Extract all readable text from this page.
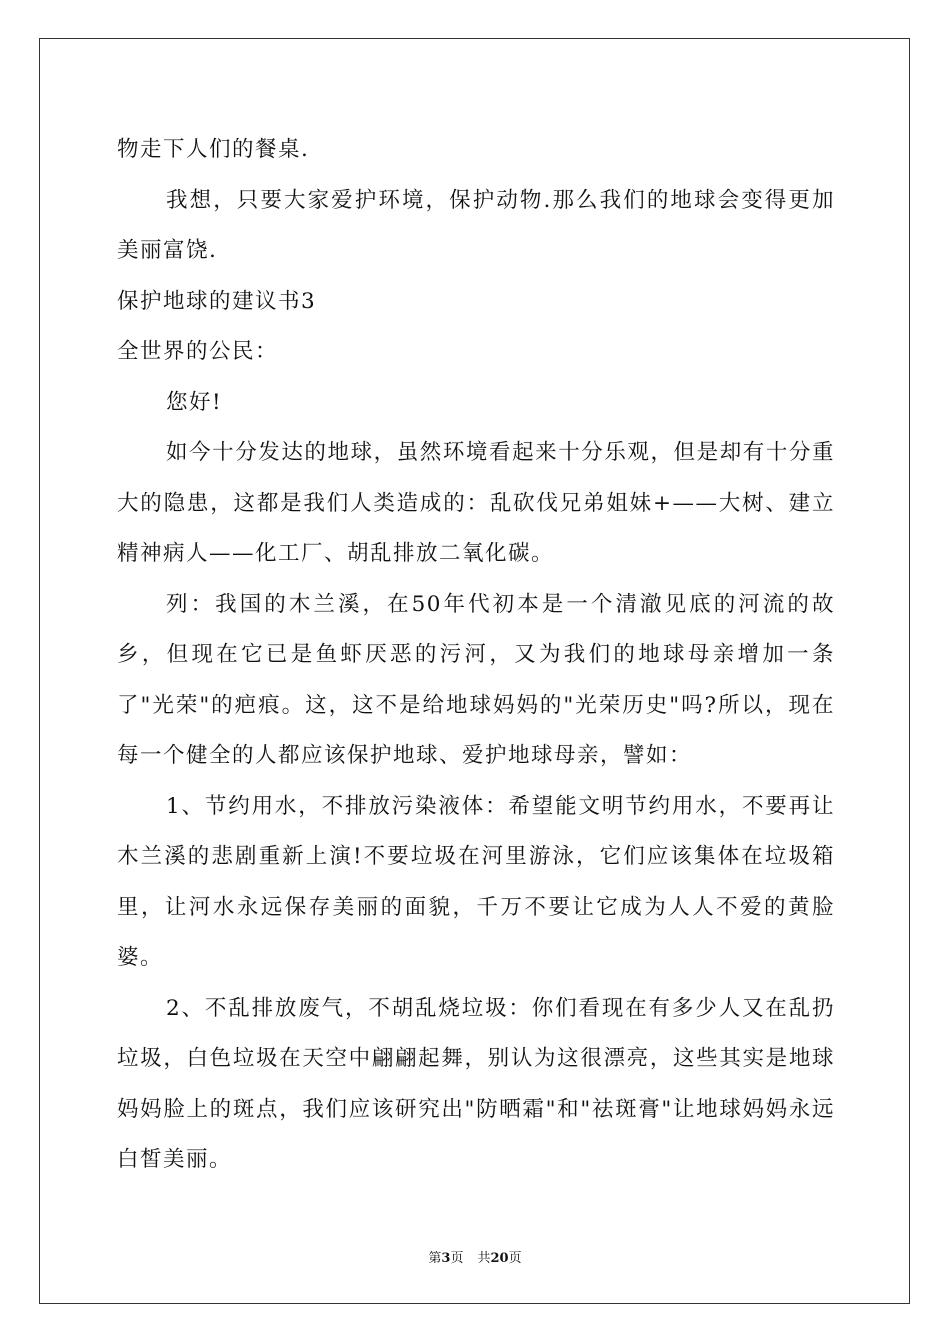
物走下人们的餐桌.

我想，只要大家爱护环境，保护动物.那么我们的地球会变得更加美丽富饶.

保护地球的建议书3

全世界的公民：

您好!

如今十分发达的地球，虽然环境看起来十分乐观，但是却有十分重大的隐患，这都是我们人类造成的：乱砍伐兄弟姐妹+——大树、建立精神病人——化工厂、胡乱排放二氧化碳。

列：我国的木兰溪，在50年代初本是一个清澈见底的河流的故乡，但现在它已是鱼虾厌恶的污河，又为我们的地球母亲增加一条了"光荣"的疤痕。这，这不是给地球妈妈的"光荣历史"吗?所以，现在每一个健全的人都应该保护地球、爱护地球母亲，譬如：

1、节约用水，不排放污染液体：希望能文明节约用水，不要再让木兰溪的悲剧重新上演!不要垃圾在河里游泳，它们应该集体在垃圾箱里，让河水永远保存美丽的面貌，千万不要让它成为人人不爱的黄脸婆。

2、不乱排放废气，不胡乱烧垃圾：你们看现在有多少人又在乱扔垃圾，白色垃圾在天空中翩翩起舞，别认为这很漂亮，这些其实是地球妈妈脸上的斑点，我们应该研究出"防晒霜"和"祛斑膏"让地球妈妈永远白皙美丽。

第3页 共20页
